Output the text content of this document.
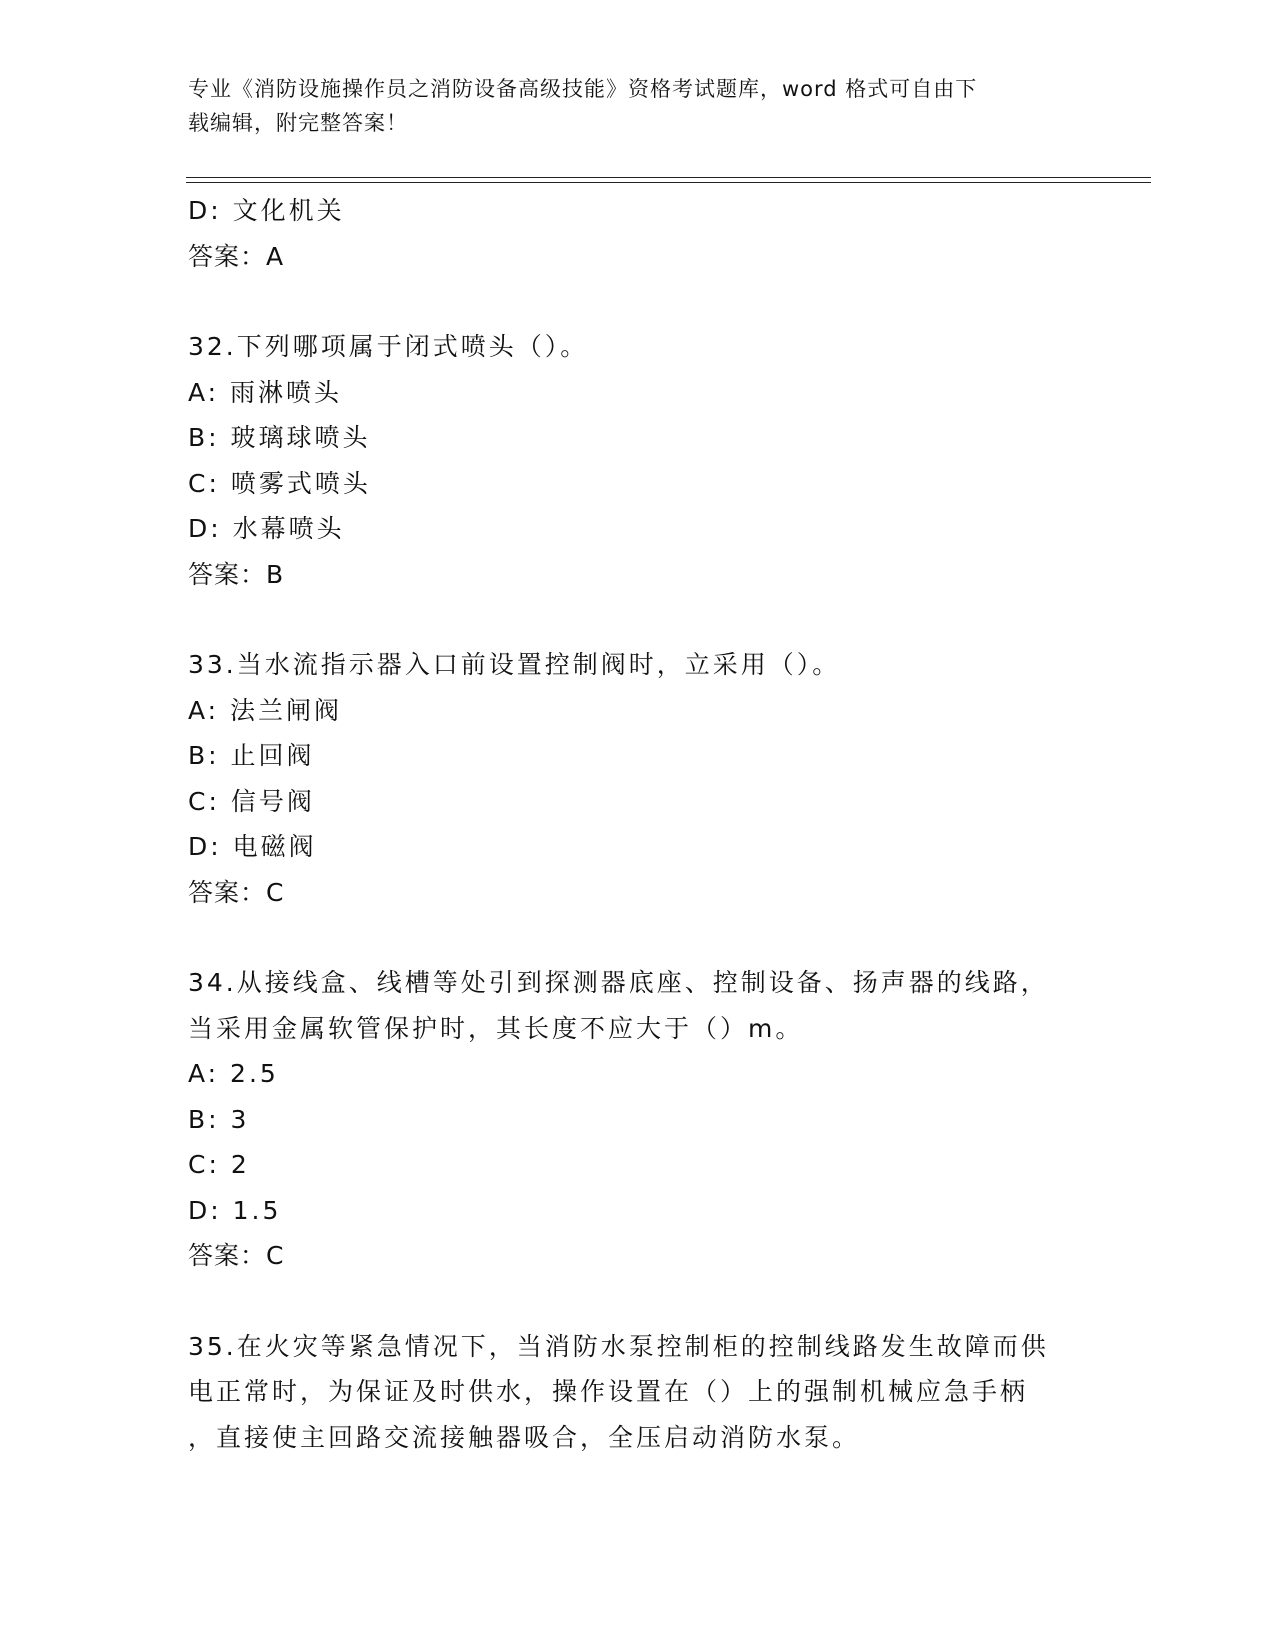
专业《消防设施操作员之消防设备高级技能》资格考试题库，word 格式可自由下
载编辑，附完整答案！
D: 文化机关
答案：A
32.下列哪项属于闭式喷头（）。
A: 雨淋喷头
B: 玻璃球喷头
C: 喷雾式喷头
D: 水幕喷头
答案：B
33.当水流指示器入口前设置控制阀时，立采用（）。
A: 法兰闸阀
B: 止回阀
C: 信号阀
D: 电磁阀
答案：C
34.从接线盒、线槽等处引到探测器底座、控制设备、扬声器的线路，
当采用金属软管保护时，其长度不应大于（）m。
A: 2.5
B: 3
C: 2
D: 1.5
答案：C
35.在火灾等紧急情况下，当消防水泵控制柜的控制线路发生故障而供
电正常时，为保证及时供水，操作设置在（）上的强制机械应急手柄
，直接使主回路交流接触器吸合，全压启动消防水泵。
